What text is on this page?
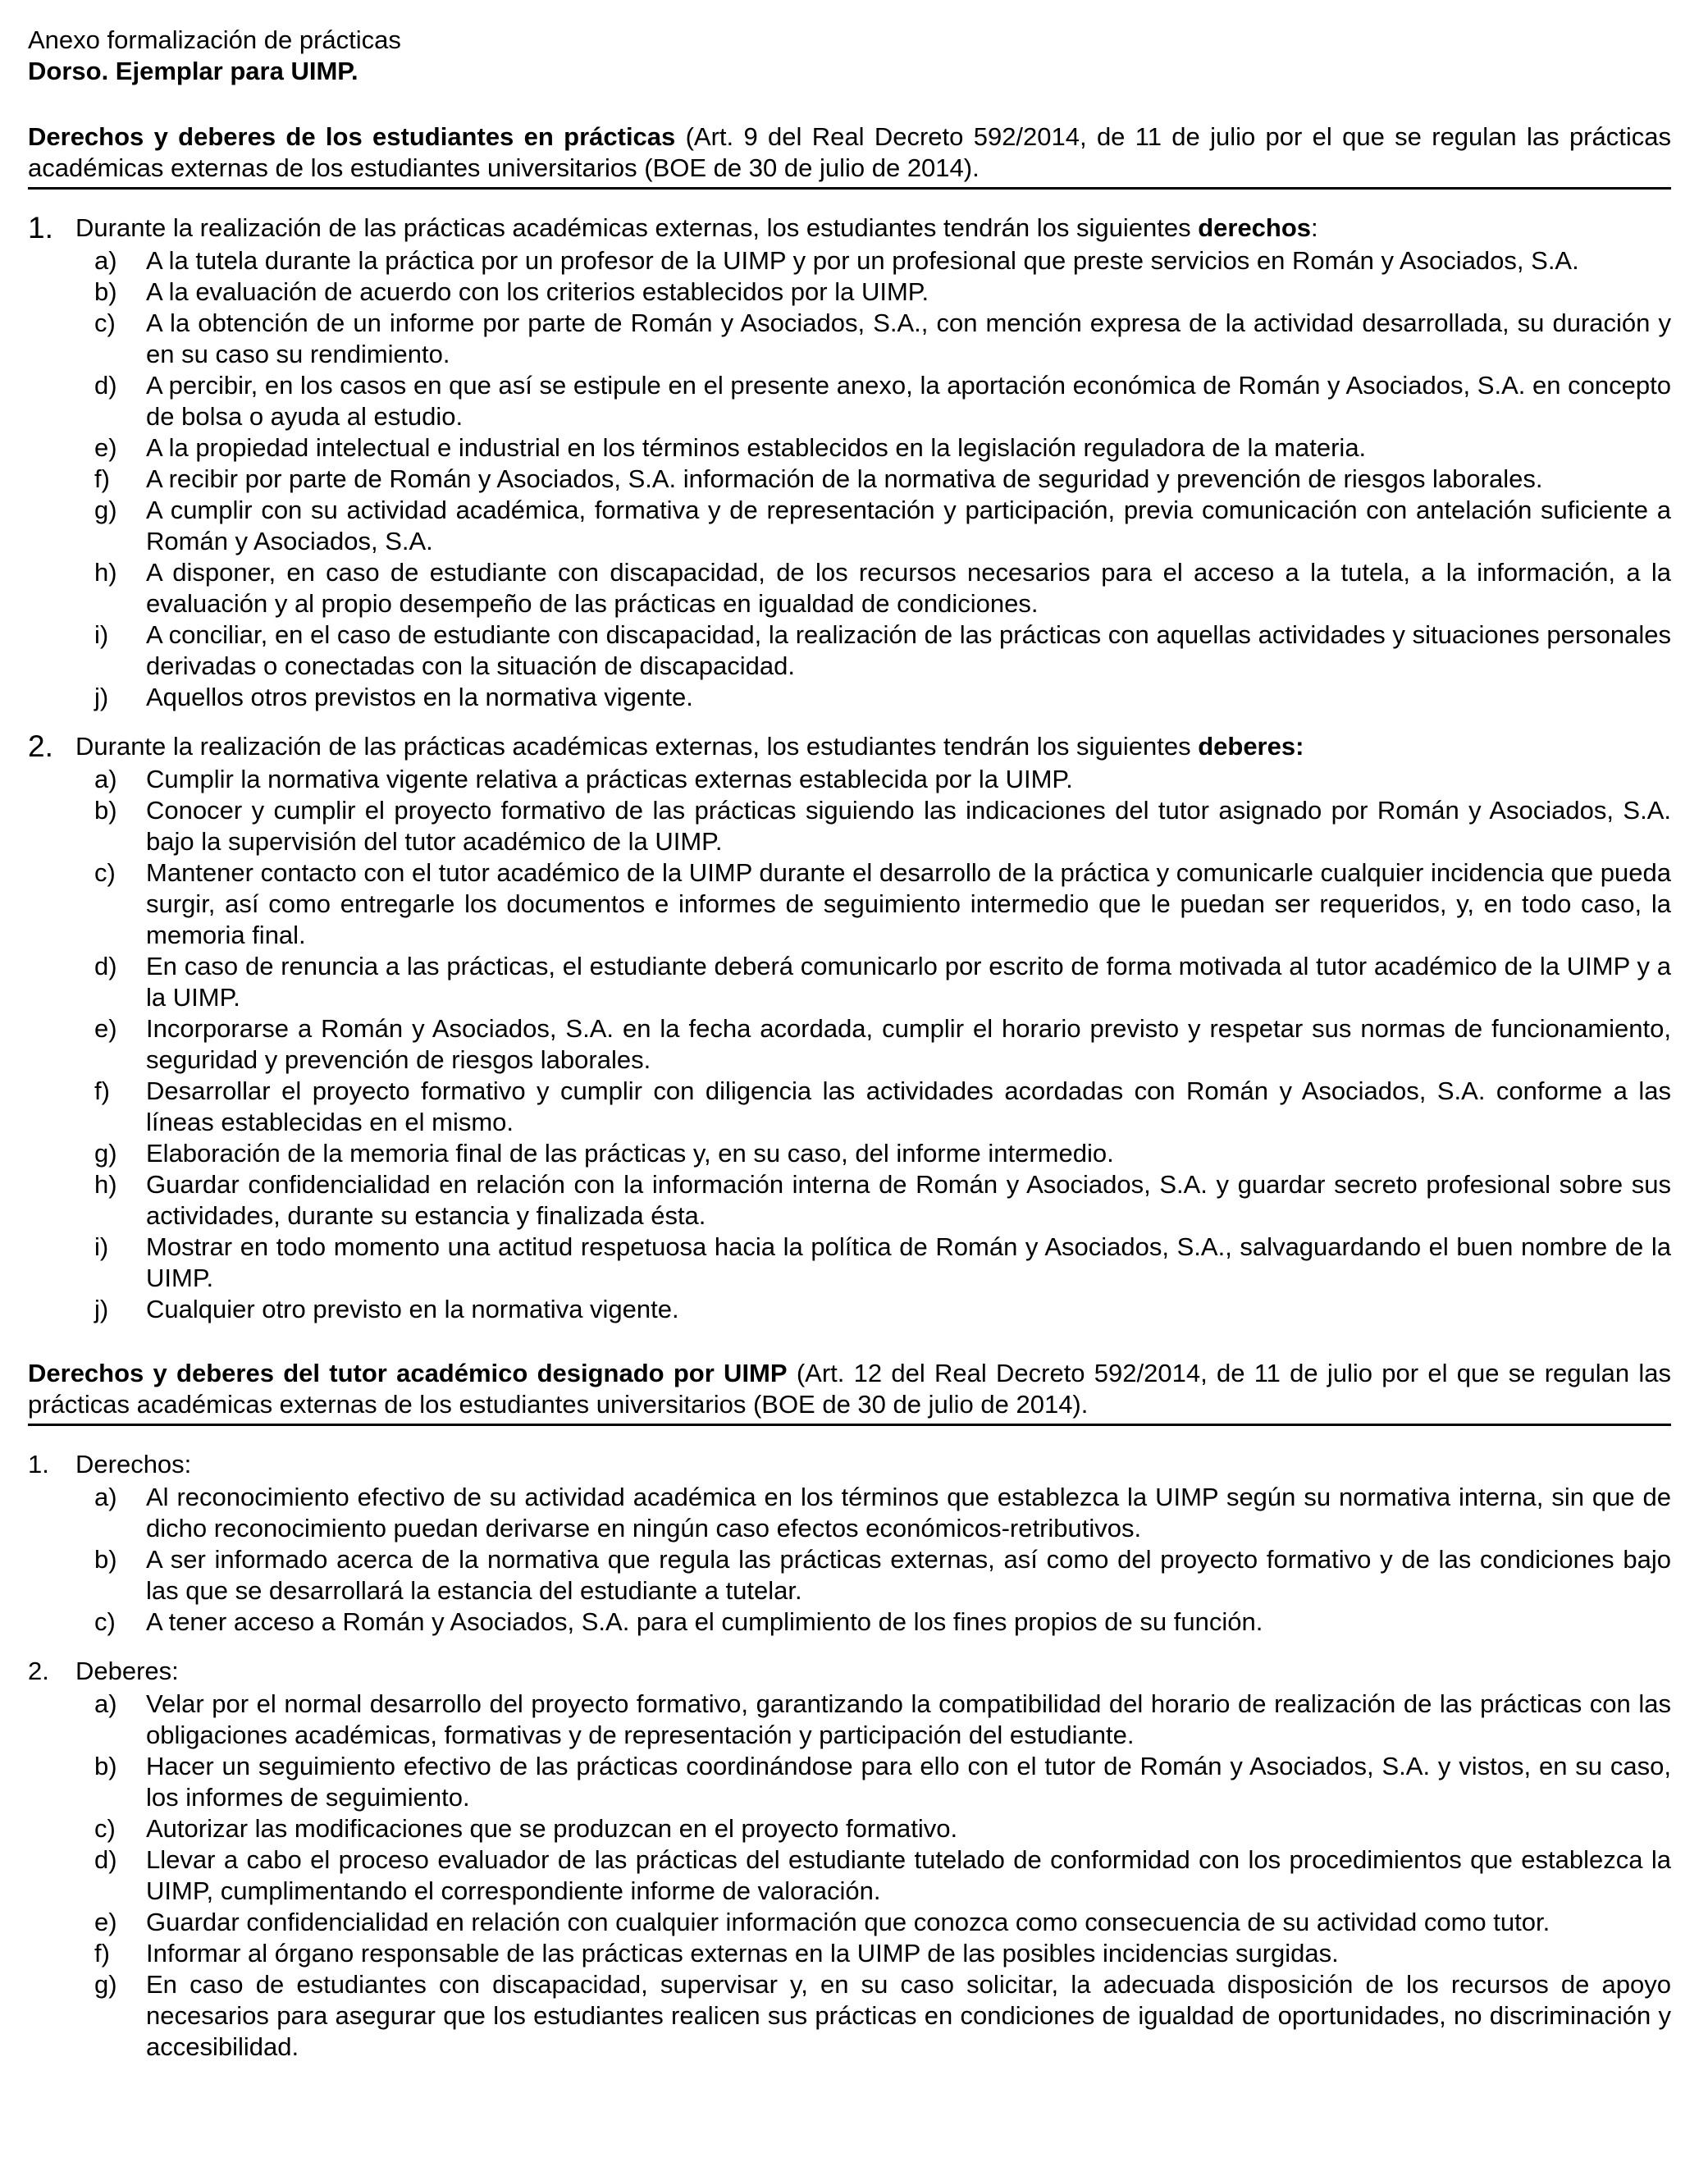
Anexo formalización de prácticas

Dorso. Ejemplar para UIMP.

Derechos y deberes de los estudiantes en prácticas (Art. 9 del Real Decreto 592/2014, de 11 de julio por el que se regulan las prácticas académicas externas de los estudiantes universitarios (BOE de 30 de julio de 2014).
1. Durante la realización de las prácticas académicas externas, los estudiantes tendrán los siguientes derechos:
a) A la tutela durante la práctica por un profesor de la UIMP y por un profesional que preste servicios en Román y Asociados, S.A.
b) A la evaluación de acuerdo con los criterios establecidos por la UIMP.
c) A la obtención de un informe por parte de Román y Asociados, S.A., con mención expresa de la actividad desarrollada, su duración y en su caso su rendimiento.
d) A percibir, en los casos en que así se estipule en el presente anexo, la aportación económica de Román y Asociados, S.A. en concepto de bolsa o ayuda al estudio.
e) A la propiedad intelectual e industrial en los términos establecidos en la legislación reguladora de la materia.
f) A recibir por parte de Román y Asociados, S.A. información de la normativa de seguridad y prevención de riesgos laborales.
g) A cumplir con su actividad académica, formativa y de representación y participación, previa comunicación con antelación suficiente a Román y Asociados, S.A.
h) A disponer, en caso de estudiante con discapacidad, de los recursos necesarios para el acceso a la tutela, a la información, a la evaluación y al propio desempeño de las prácticas en igualdad de condiciones.
i) A conciliar, en el caso de estudiante con discapacidad, la realización de las prácticas con aquellas actividades y situaciones personales derivadas o conectadas con la situación de discapacidad.
j) Aquellos otros previstos en la normativa vigente.
2. Durante la realización de las prácticas académicas externas, los estudiantes tendrán los siguientes deberes:
a) Cumplir la normativa vigente relativa a prácticas externas establecida por la UIMP.
b) Conocer y cumplir el proyecto formativo de las prácticas siguiendo las indicaciones del tutor asignado por Román y Asociados, S.A. bajo la supervisión del tutor académico de la UIMP.
c) Mantener contacto con el tutor académico de la UIMP durante el desarrollo de la práctica y comunicarle cualquier incidencia que pueda surgir, así como entregarle los documentos e informes de seguimiento intermedio que le puedan ser requeridos, y, en todo caso, la memoria final.
d) En caso de renuncia a las prácticas, el estudiante deberá comunicarlo por escrito de forma motivada al tutor académico de la UIMP y a la UIMP.
e) Incorporarse a Román y Asociados, S.A. en la fecha acordada, cumplir el horario previsto y respetar sus normas de funcionamiento, seguridad y prevención de riesgos laborales.
f) Desarrollar el proyecto formativo y cumplir con diligencia las actividades acordadas con Román y Asociados, S.A. conforme a las líneas establecidas en el mismo.
g) Elaboración de la memoria final de las prácticas y, en su caso, del informe intermedio.
h) Guardar confidencialidad en relación con la información interna de Román y Asociados, S.A. y guardar secreto profesional sobre sus actividades, durante su estancia y finalizada ésta.
i) Mostrar en todo momento una actitud respetuosa hacia la política de Román y Asociados, S.A., salvaguardando el buen nombre de la UIMP.
j) Cualquier otro previsto en la normativa vigente.
Derechos y deberes del tutor académico designado por UIMP (Art. 12 del Real Decreto 592/2014, de 11 de julio por el que se regulan las prácticas académicas externas de los estudiantes universitarios (BOE de 30 de julio de 2014).
1. Derechos:
a) Al reconocimiento efectivo de su actividad académica en los términos que establezca la UIMP según su normativa interna, sin que de dicho reconocimiento puedan derivarse en ningún caso efectos económicos-retributivos.
b) A ser informado acerca de la normativa que regula las prácticas externas, así como del proyecto formativo y de las condiciones bajo las que se desarrollará la estancia del estudiante a tutelar.
c) A tener acceso a Román y Asociados, S.A. para el cumplimiento de los fines propios de su función.
2. Deberes:
a) Velar por el normal desarrollo del proyecto formativo, garantizando la compatibilidad del horario de realización de las prácticas con las obligaciones académicas, formativas y de representación y participación del estudiante.
b) Hacer un seguimiento efectivo de las prácticas coordinándose para ello con el tutor de Román y Asociados, S.A. y vistos, en su caso, los informes de seguimiento.
c) Autorizar las modificaciones que se produzcan en el proyecto formativo.
d) Llevar a cabo el proceso evaluador de las prácticas del estudiante tutelado de conformidad con los procedimientos que establezca la UIMP, cumplimentando el correspondiente informe de valoración.
e) Guardar confidencialidad en relación con cualquier información que conozca como consecuencia de su actividad como tutor.
f) Informar al órgano responsable de las prácticas externas en la UIMP de las posibles incidencias surgidas.
g) En caso de estudiantes con discapacidad, supervisar y, en su caso solicitar, la adecuada disposición de los recursos de apoyo necesarios para asegurar que los estudiantes realicen sus prácticas en condiciones de igualdad de oportunidades, no discriminación y accesibilidad.
